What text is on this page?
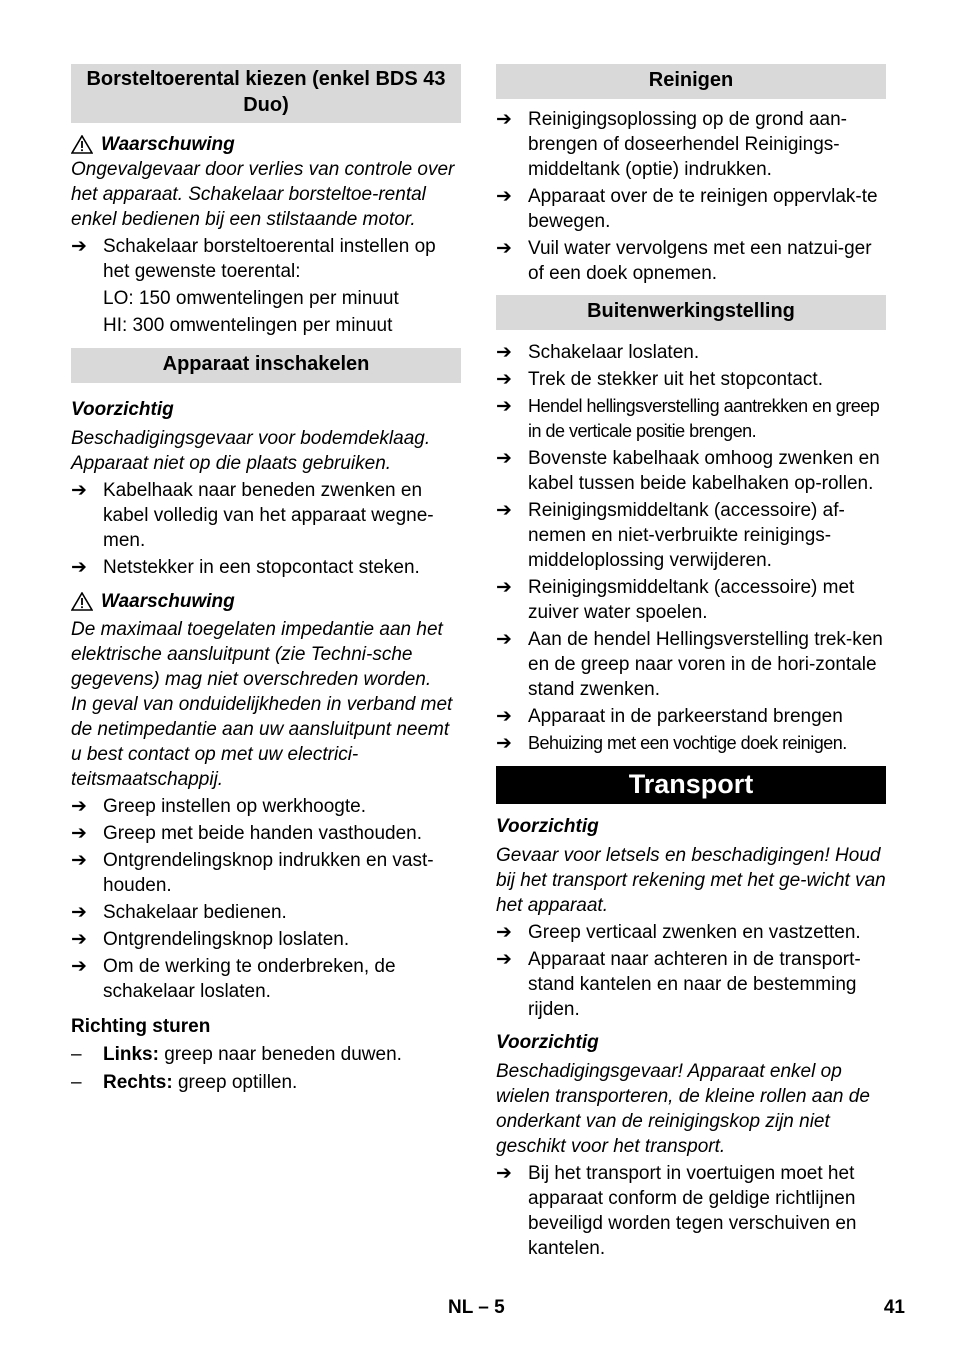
Borsteltoerental kiezen (enkel BDS 43 Duo)
Waarschuwing
Ongevalgevaar door verlies van controle over het apparaat. Schakelaar borsteltoe-rental enkel bedienen bij een stilstaande motor.
➔ Schakelaar borsteltoerental instellen op het gewenste toerental:
LO: 150 omwentelingen per minuut
HI: 300 omwentelingen per minuut
Apparaat inschakelen
Voorzichtig
Beschadigingsgevaar voor bodemdeklaag. Apparaat niet op die plaats gebruiken.
➔ Kabelhaak naar beneden zwenken en kabel volledig van het apparaat wegne-men.
➔ Netstekker in een stopcontact steken.
Waarschuwing
De maximaal toegelaten impedantie aan het elektrische aansluitpunt (zie Techni-sche gegevens) mag niet overschreden worden.
In geval van onduidelijkheden in verband met de netimpedantie aan uw aansluitpunt neemt u best contact op met uw electrici-teitsmaatschappij.
➔ Greep instellen op werkhoogte.
➔ Greep met beide handen vasthouden.
➔ Ontgrendelingsknop indrukken en vast-houden.
➔ Schakelaar bedienen.
➔ Ontgrendelingsknop loslaten.
➔ Om de werking te onderbreken, de schakelaar loslaten.
Richting sturen
–	Links: greep naar beneden duwen.
–	Rechts: greep optillen.
Reinigen
➔ Reinigingsoplossing op de grond aan-brengen of doseerhendel Reinigings-middeltank (optie) indrukken.
➔ Apparaat over de te reinigen oppervlak-te bewegen.
➔ Vuil water vervolgens met een natzui-ger of een doek opnemen.
Buitenwerkingstelling
➔ Schakelaar loslaten.
➔ Trek de stekker uit het stopcontact.
➔ Hendel hellingsverstelling aantrekken en greep in de verticale positie brengen.
➔ Bovenste kabelhaak omhoog zwenken en kabel tussen beide kabelhaken op-rollen.
➔ Reinigingsmiddeltank (accessoire) af-nemen en niet-verbruikte reinigings-middeloplossing verwijderen.
➔ Reinigingsmiddeltank (accessoire) met zuiver water spoelen.
➔ Aan de hendel Hellingsverstelling trek-ken en de greep naar voren in de hori-zontale stand zwenken.
➔ Apparaat in de parkeerstand brengen
➔ Behuizing met een vochtige doek reinigen.
Transport
Voorzichtig
Gevaar voor letsels en beschadigingen! Houd bij het transport rekening met het ge-wicht van het apparaat.
➔ Greep verticaal zwenken en vastzetten.
➔ Apparaat naar achteren in de transport-stand kantelen en naar de bestemming rijden.
Voorzichtig
Beschadigingsgevaar! Apparaat enkel op wielen transporteren, de kleine rollen aan de onderkant van de reinigingskop zijn niet geschikt voor het transport.
➔ Bij het transport in voertuigen moet het apparaat conform de geldige richtlijnen beveiligd worden tegen verschuiven en kantelen.
NL – 5	41
